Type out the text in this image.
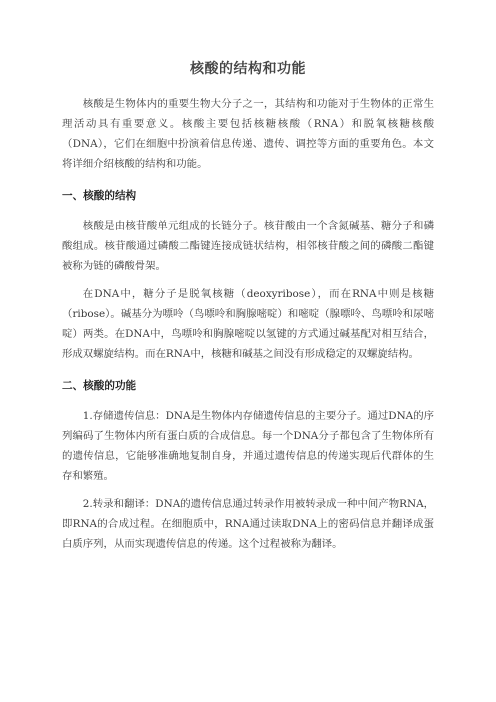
核酸的结构和功能

核酸是生物体内的重要生物大分子之一，其结构和功能对于生物体的正常生理活动具有重要意义。核酸主要包括核糖核酸（RNA）和脱氧核糖核酸（DNA），它们在细胞中扮演着信息传递、遗传、调控等方面的重要角色。本文将详细介绍核酸的结构和功能。

一、核酸的结构

核酸是由核苷酸单元组成的长链分子。核苷酸由一个含氮碱基、糖分子和磷酸组成。核苷酸通过磷酸二酯键连接成链状结构，相邻核苷酸之间的磷酸二酯键被称为链的磷酸骨架。

在DNA中，糖分子是脱氧核糖（deoxyribose），而在RNA中则是核糖（ribose）。碱基分为嘌呤（鸟嘌呤和胸腺嘧啶）和嘧啶（腺嘌呤、鸟嘌呤和尿嘧啶）两类。在DNA中，鸟嘌呤和胸腺嘧啶以氢键的方式通过碱基配对相互结合，形成双螺旋结构。而在RNA中，核糖和碱基之间没有形成稳定的双螺旋结构。

二、核酸的功能

1.存储遗传信息：DNA是生物体内存储遗传信息的主要分子。通过DNA的序列编码了生物体内所有蛋白质的合成信息。每一个DNA分子都包含了生物体所有的遗传信息，它能够准确地复制自身，并通过遗传信息的传递实现后代群体的生存和繁殖。

2.转录和翻译：DNA的遗传信息通过转录作用被转录成一种中间产物RNA，即RNA的合成过程。在细胞质中，RNA通过读取DNA上的密码信息并翻译成蛋白质序列，从而实现遗传信息的传递。这个过程被称为翻译。
